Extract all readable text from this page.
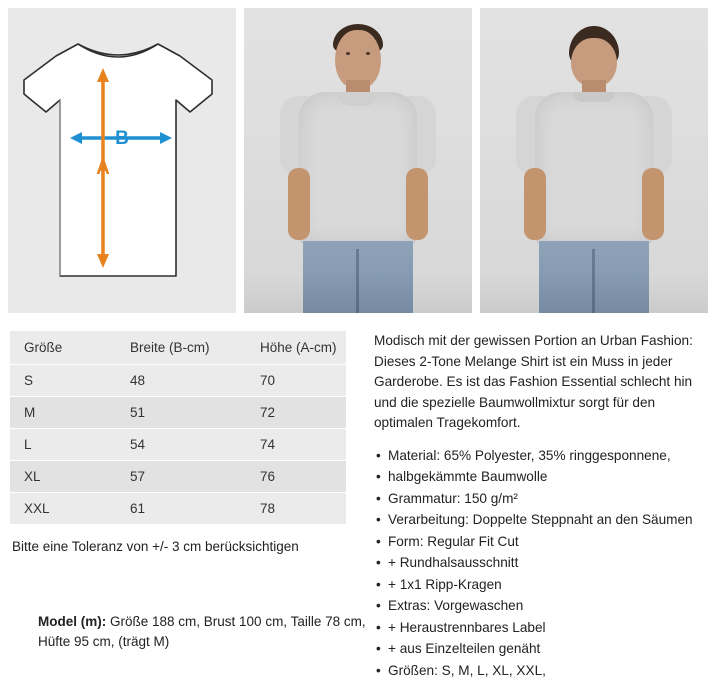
B
A
Größe	Breite (B-cm)	Höhe (A-cm)
S	48	70
M	51	72
L	54	74
XL	57	76
XXL	61	78
Bitte eine Toleranz von +/- 3 cm berücksichtigen

Modisch mit der gewissen Portion an Urban Fashion: Dieses 2-Tone Melange Shirt ist ein Muss in jeder Garderobe. Es ist das Fashion Essential schlecht hin und die spezielle Baumwollmixtur sorgt für den optimalen Tragekomfort.

• Material: 65% Polyester, 35% ringgesponnene,
• halbgekämmte Baumwolle
• Grammatur: 150 g/m²
• Verarbeitung: Doppelte Steppnaht an den Säumen
• Form: Regular Fit Cut
• + Rundhalsausschnitt
• + 1x1 Ripp-Kragen
• Extras: Vorgewaschen
• + Heraustrennbares Label
• + aus Einzelteilen genäht
• Größen: S, M, L, XL, XXL,
Model (m): Größe 188 cm, Brust 100 cm, Taille 78 cm,
Hüfte 95 cm, (trägt M)
